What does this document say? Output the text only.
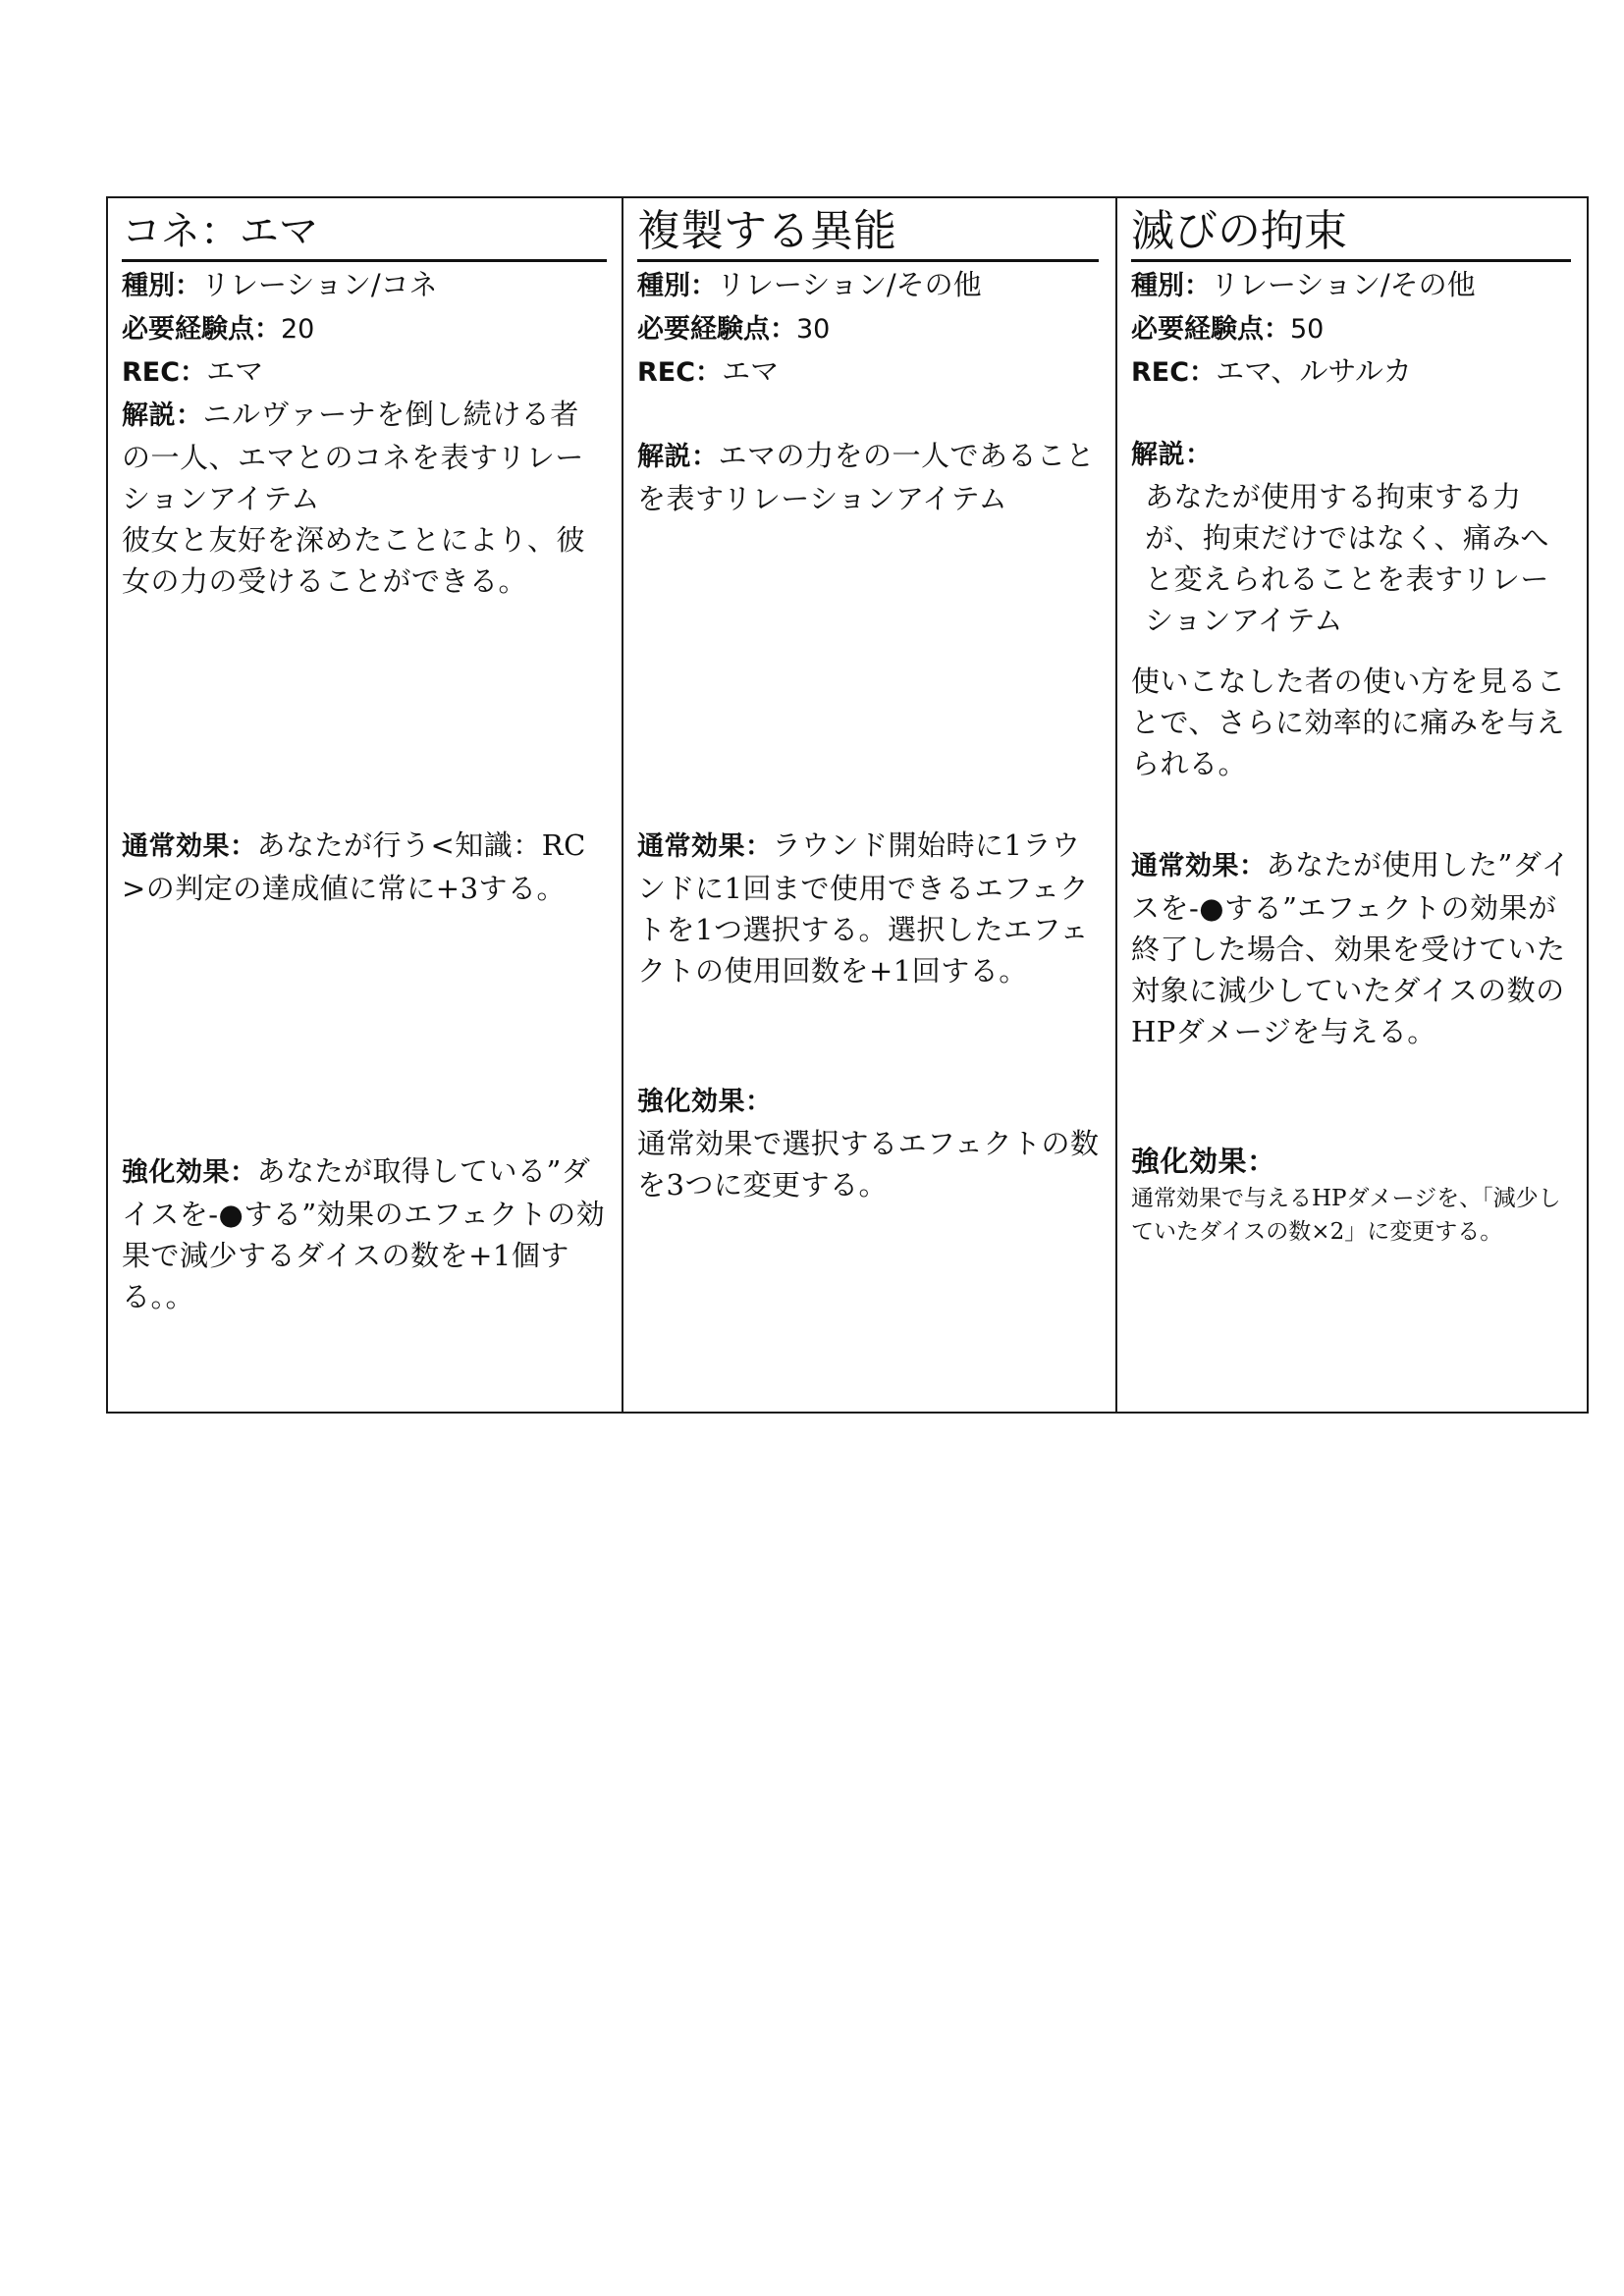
コネ：エマ
種別：リレーション/コネ
必要経験点：20
REC：エマ
解説：ニルヴァーナを倒し続ける者の一人、エマとのコネを表すリレーションアイテム
彼女と友好を深めたことにより、彼女の力の受けることができる。
通常効果：あなたが行う<知識：RC>の判定の達成値に常に+3する。
強化効果：あなたが取得している”ダイスを-●する”効果のエフェクトの効果で減少するダイスの数を+1個する。。
複製する異能
種別：リレーション/その他
必要経験点：30
REC：エマ
解説：エマの力をの一人であることを表すリレーションアイテム
通常効果：ラウンド開始時に1ラウンドに1回まで使用できるエフェクトを1つ選択する。選択したエフェクトの使用回数を+1回する。
強化効果：
通常効果で選択するエフェクトの数を3つに変更する。
滅びの拘束
種別：リレーション/その他
必要経験点：50
REC：エマ、ルサルカ
解説：
あなたが使用する拘束する力が、拘束だけではなく、痛みへと変えられることを表すリレーションアイテム
使いこなした者の使い方を見ることで、さらに効率的に痛みを与えられる。
通常効果：あなたが使用した”ダイスを-●する”エフェクトの効果が終了した場合、効果を受けていた対象に減少していたダイスの数のHPダメージを与える。
強化効果：
通常効果で与えるHPダメージを、「減少していたダイスの数×2」に変更する。
